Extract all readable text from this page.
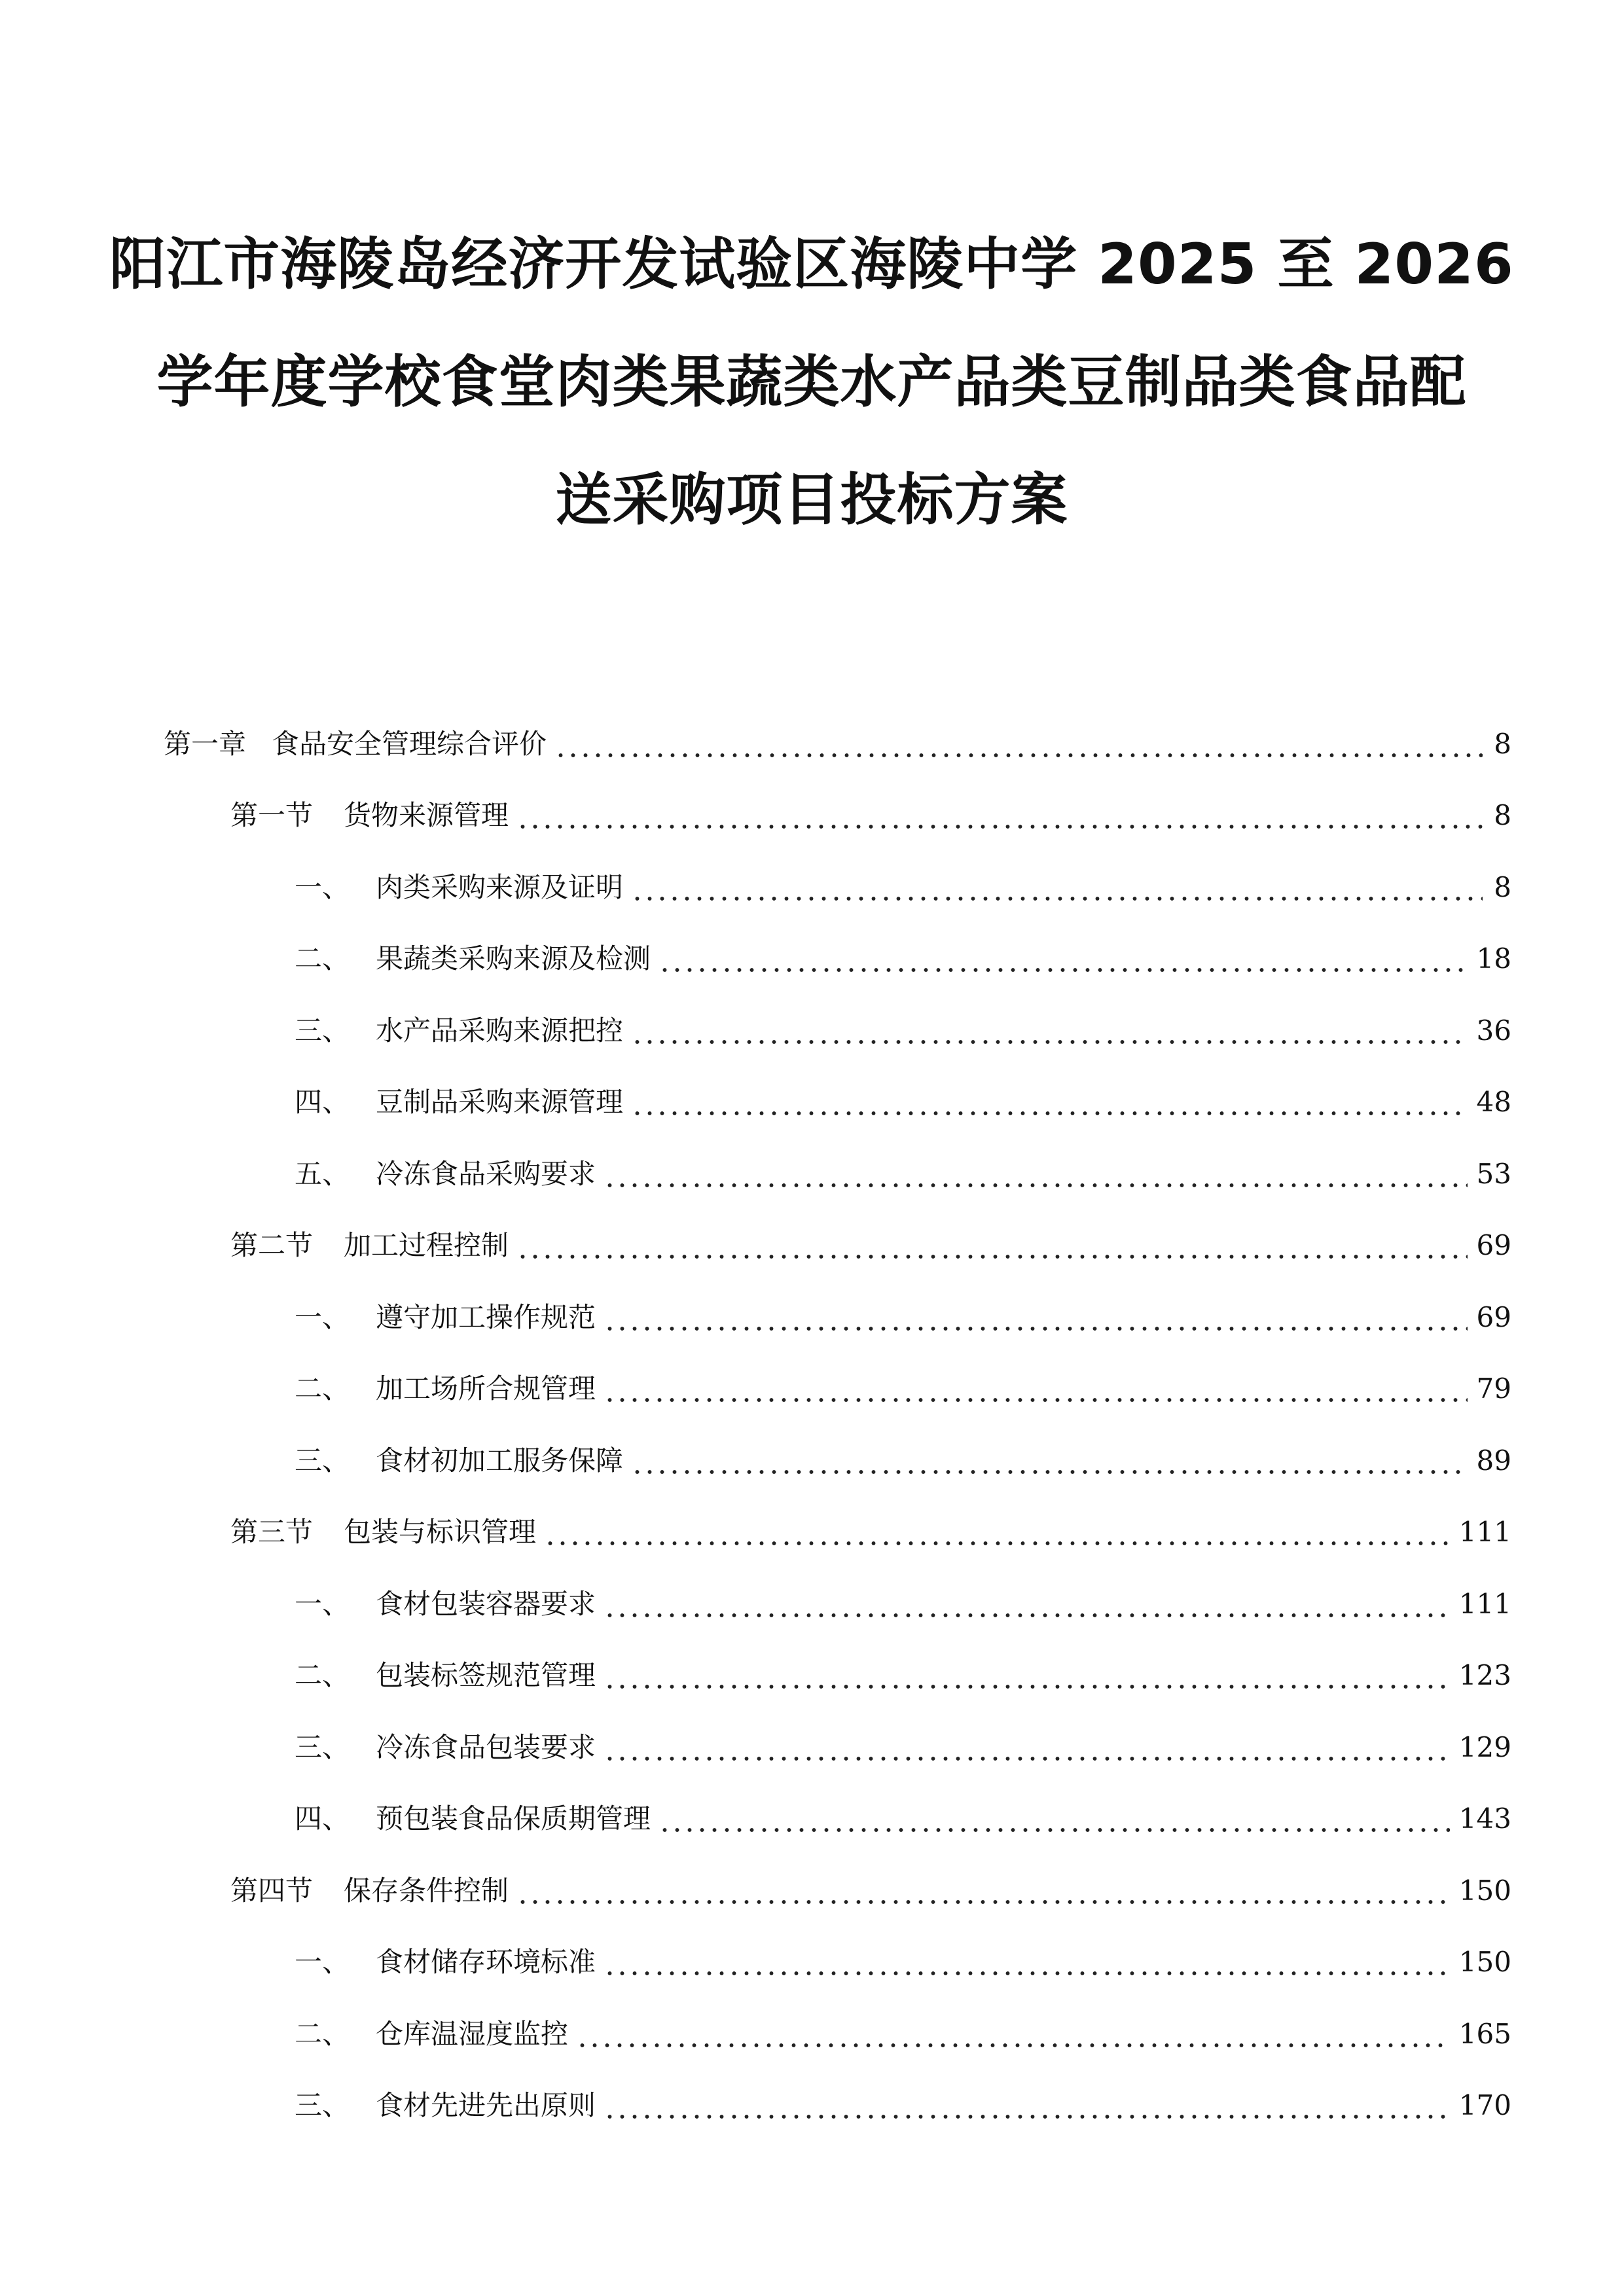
阳江市海陵岛经济开发试验区海陵中学 2025 至 2026
学年度学校食堂肉类果蔬类水产品类豆制品类食品配
送采购项目投标方案
第一章 食品安全管理综合评价	8
第一节	货物来源管理	8
一、 肉类采购来源及证明	8
二、 果蔬类采购来源及检测	18
三、 水产品采购来源把控	36
四、 豆制品采购来源管理	48
五、 冷冻食品采购要求	53
第二节	加工过程控制	69
一、 遵守加工操作规范	69
二、 加工场所合规管理	79
三、 食材初加工服务保障	89
第三节	包装与标识管理	111
一、 食材包装容器要求	111
二、 包装标签规范管理	123
三、 冷冻食品包装要求	129
四、 预包装食品保质期管理	143
第四节	保存条件控制	150
一、 食材储存环境标准	150
二、 仓库温湿度监控	165
三、 食材先进先出原则	170
